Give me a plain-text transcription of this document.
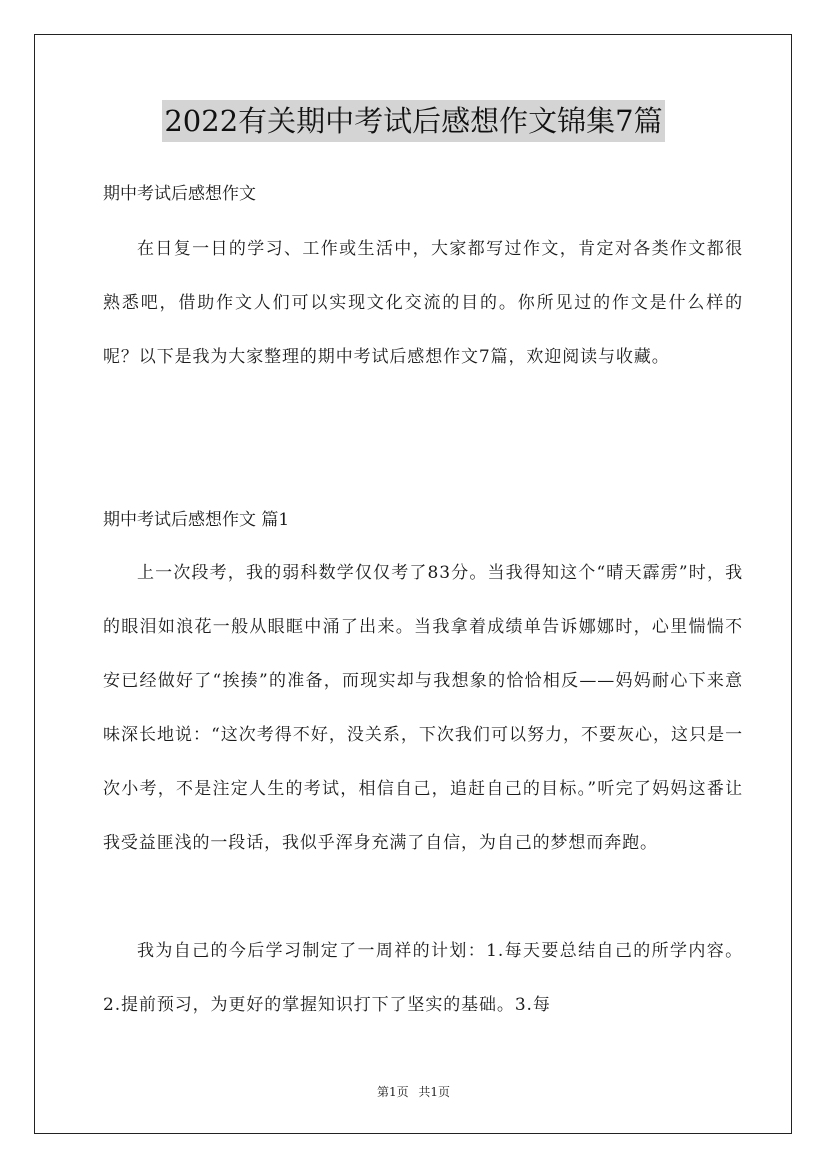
2022有关期中考试后感想作文锦集7篇
期中考试后感想作文

在日复一日的学习、工作或生活中，大家都写过作文，肯定对各类作文都很熟悉吧，借助作文人们可以实现文化交流的目的。你所见过的作文是什么样的呢？以下是我为大家整理的期中考试后感想作文7篇，欢迎阅读与收藏。

期中考试后感想作文 篇1

上一次段考，我的弱科数学仅仅考了83分。当我得知这个“晴天霹雳”时，我的眼泪如浪花一般从眼眶中涌了出来。当我拿着成绩单告诉娜娜时，心里惴惴不安已经做好了“挨揍”的准备，而现实却与我想象的恰恰相反——妈妈耐心下来意味深长地说：“这次考得不好，没关系，下次我们可以努力，不要灰心，这只是一次小考，不是注定人生的考试，相信自己，追赶自己的目标。”听完了妈妈这番让我受益匪浅的一段话，我似乎浑身充满了自信，为自己的梦想而奔跑。

我为自己的今后学习制定了一周祥的计划：1.每天要总结自己的所学内容。2.提前预习，为更好的掌握知识打下了坚实的基础。3.每

第1页 共1页
